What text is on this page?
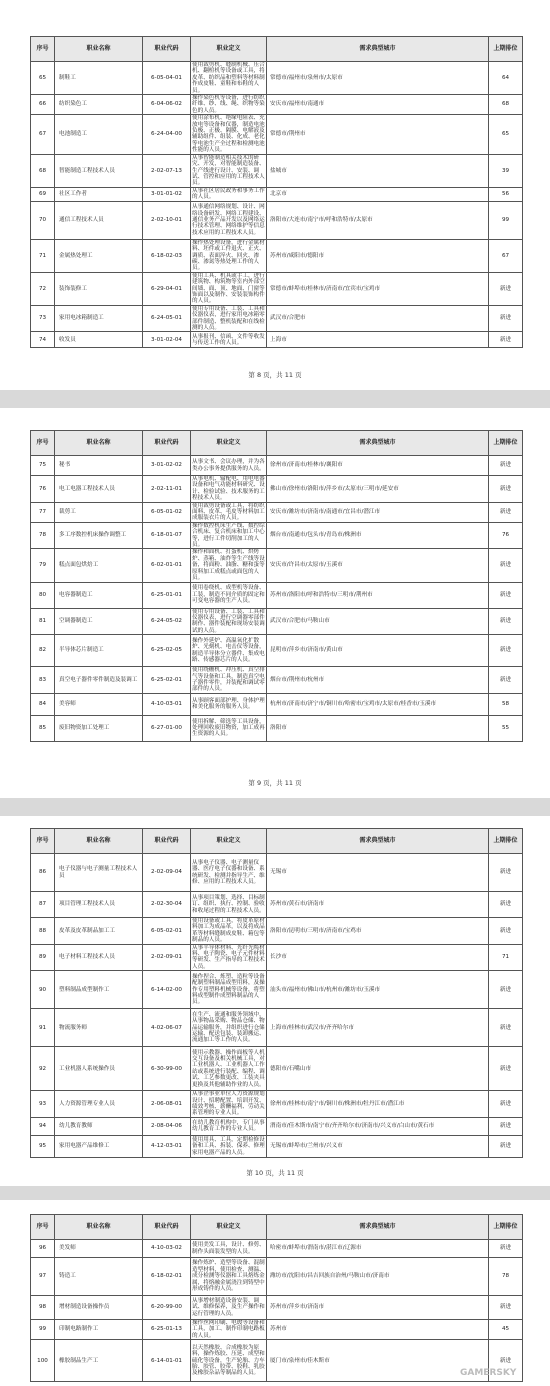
序号	职业名称	职业代码	职业定义	需求典型城市	上期排位
65	制鞋工	6-05-04-01	使用裁剪机、缝制机械、压合机、翻楦机等设备或工具，将皮革、纺织品和塑料等材料制作成皮鞋、童鞋和布鞋的人员。	常德市/福州市/泉州市/太原市	64
66	纺织染色工	6-04-06-02	操作染色机等设备，进行纺织纤维、纱、线、绳、织物等染色的人员。	安庆市/福州市/南通市	68
67	电池制造工	6-24-04-00	使用涂布机、绝缘电阻表、充放电等设备和仪器，制造电池负极、正极、隔膜、电解液及辅助组件、组装、化成、老化等电池生产全过程和检测电池性能的人员。	常德市/荆州市	65
68	智能制造工程技术人员	2-02-07-13	从事智能制造相关技术的研究、开发，对智能制造装备、生产线进行设计、安装、调试、管控和应用的工程技术人员。	盐城市	39
69	社区工作者	3-01-01-02	从事社区居民政务和事务工作的人员。	北京市	56
70	通信工程技术人员	2-02-10-01	从事通信网络规划、设计、网络设备研发、网络工程建设、通信业务产品开发以及网络运行技术管理、网络维护等信息技术应用的工程技术人员。	洛阳市/大连市/南宁市/呼和浩特市/太原市	99
71	金属热处理工	6-18-02-03	操作热处理设备，进行金属材料、坯件或工件退火、正火、调质、表面淬火、回火、渗碳、渗氮等热处理工作的人员。	苏州市/咸阳市/德阳市	67
72	装饰装修工	6-29-04-01	使用工具、机具或手工，进行建筑物、构筑物等室内外部空间墙、面、顶、地面、门窗等饰面以及制作、安装装饰构件的人员。	常德市/蚌埠市/桂林市/济南市/宜宾市/宝鸡市	新进
73	家用电冰箱制造工	6-24-05-01	使用专用设备、工装、工具和仪器仪表，进行家用电冰箱零部件制造、整机装配和在线检测的人员。	武汉市/合肥市	新进
74	收发员	3-01-02-04	从事报刊、信函、文件等收发与传送工作的人员。	上海市	新进
第 8 页，共 11 页
序号	职业名称	职业代码	职业定义	需求典型城市	上期排位
75	秘书	3-01-02-02	从事文书、会议办理，并为各类办公事务提供服务的人员。	徐州市/济南市/桂林市/襄阳市	新进
76	电工电器工程技术人员	2-02-11-01	从事电机、输配电、用电电器设备和电气功能材料研究、设计、检验试验、技术服务的工程技术人员。	佛山市/徐州市/洛阳市/萍乡市/太原市/三明市/延安市	新进
77	裁剪工	6-05-01-02	使用裁剪设备或工具，将纺织面料、皮革、毛皮等材料加工成服装衣片的人员。	安庆市/潍坊市/济南市/南通市/宜昌市/潜江市	新进
78	多工序数控机床操作调整工	6-18-01-07	操作数控机床生产线、数控综合机床、复合机床和加工中心等，进行工件切削加工的人员。	烟台市/南通市/包头市/青岛市/株洲市	76
79	糕点面包烘焙工	6-02-01-01	操作和面机、打蛋机、烘烤炉、蒸箱、油炸等生产线等设备，将面粉、油脂、糖和蛋等原料加工成糕点或面包的人员。	安庆市/许昌市/太原市/玉溪市	新进
80	电容器制造工	6-25-01-01	使用卷绕机、成型机等设备、工装，制造不同介质的固定和可变电容器的生产人员。	苏州市/洛阳市/呼和浩特市/三明市/荆州市	新进
81	空调器制造工	6-24-05-02	使用专用设备、工装、工具和仪器仪表，进行空调器零部件制作、器件装配和现场安装调试的人员。	武汉市/合肥市/马鞍山市	新进
82	半导体芯片制造工	6-25-02-05	操作外延炉、高温氧化扩散炉、光刻机、电击仪等设备，制造半导体分立器件、集成电路、传感器芯片的人员。	昆明市/萍乡市/济南市/黄山市	新进
83	真空电子器件零件制造及装调工	6-25-02-01	使用绕栅机、冲压机、真空排气等设备和工具，制造真空电子器件零件，并装配和调试零部件的人员。	烟台市/荆州市/杭州市	新进
84	美容师	4-10-03-01	从事顾客面部护理、身体护理和美化服务的服务人员。	杭州市/济南市/济宁市/铜川市/哈密市/宝鸡市/太原市/桂香市/玉溪市	58
85	废旧物资加工处理工	6-27-01-00	使用拆解、筛选等工具设备，处理回收废旧物资，加工成再生资源的人员。	洛阳市	55
第 9 页，共 11 页
序号	职业名称	职业代码	职业定义	需求典型城市	上期排位
86	电子仪器与电子测量工程技术人员	2-02-09-04	从事电子仪器、电子测量仪器、医疗电子仪器和设备、系统研发、检测并指导生产、维修、应用的工程技术人员。	无锡市	新进
87	项目管理工程技术人员	2-02-30-04	从事项目策划、选择、目标制订、组织、执行、控制、验收和收尾过程的工程技术人员。	苏州市/黄石市/济南市	新进
88	皮革及皮革制品加工工	6-05-02-01	使用设备或工具，将皮革原材料加工为成品革，以及将成品革等材料缝制成皮鞋、箱包等制品的人员。	洛阳市/昆明市/三明市/济南市/宝鸡市	新进
89	电子材料工程技术人员	2-02-09-01	从事半导体材料、光纤光缆材料、电子陶瓷、电子元件材料等研发、生产指导的工程技术人员。	长沙市	71
90	塑料制品成型制作工	6-14-02-00	操作捏合、炼塑、造粒等设备配制塑料制品成型用料，及操作专用塑料机械等设备，将塑料成型制作成塑料制品的人员。	汕头市/福州市/佛山市/杭州市/潍坊市/玉溪市	新进
91	物流服务师	4-02-06-07	在生产、流通和服务领域中，从事物品采购、物品仓储、物品运输服务，并组织进行仓储运输、配送包装、装卸搬运、流通加工等工作的人员。	上海市/桂林市/武汉市/齐齐哈尔市	新进
92	工业机器人系统操作员	6-30-99-00	使用示教器、操作面板等人机交互设备及相关机械工具，对工业机器人、工业机器人工作站或系统进行装配、编程、调试、工艺参数更改、工装夹具更换及其他辅助作业的人员。	德阳市/石嘴山市	新进
93	人力资源管理专业人员	2-06-08-01	从事企事业单位人力资源规划设计、招聘配置、培训开发、绩效考核、薪酬福利、劳动关系管理的专业人员。	徐州市/桂林市/南宁市/铜川市/株洲市/牡丹江市/潜江市	新进
94	幼儿教育教师	2-08-04-06	在幼儿教育机构中，专门从事幼儿教育工作的专业人员。	渭南市/佳木斯市/南宁市/齐齐哈尔市/济南市/兴义市/白山市/黄石市	新进
95	家用电器产品维修工	4-12-03-01	使用用具、工具，定期检修设备和工具、拆装、保养、修理家用电器产品的人员。	无锡市/蚌埠市/兰州市/兴义市	新进
第 10 页，共 11 页
序号	职业名称	职业代码	职业定义	需求典型城市	上期排位
96	美发师	4-10-03-02	使用美发工具，设计、修剪、制作头面装发型的人员。	哈密市/蚌埠市/渭南市/湛江市/辽源市	新进
97	铸造工	6-18-02-01	操作炼炉、造型等设备、混制造型材料，使用检查、测温、成分检测等仪器和工具熔炼金属，将熔融金属浇注到铸型中形成铸件的人员。	潍坊市/沈阳市/昌吉回族自治州/马鞍山市/济南市	78
98	增材制造设备操作员	6-20-99-00	从事增材制造设备安装、调试、维修保养，及生产操作和运行管理的人员。	苏州市/萍乡市/济南市	新进
99	印制电路制作工	6-25-01-13	操作丝网印刷、电镀等设备和工具，加工、制作印制电路板的人员。	苏州市	45
100	橡胶制品生产工	6-14-01-01	以天然橡胶、合成橡胶为原料，操作炼胶、压延、成型和硫化等设备，生产轮胎、力车胎、胶管、胶带、胶鞋、乳胶及橡胶杂品等制品的人员。	厦门市/泉州市/佳木斯市	新进
GAMERSKY
